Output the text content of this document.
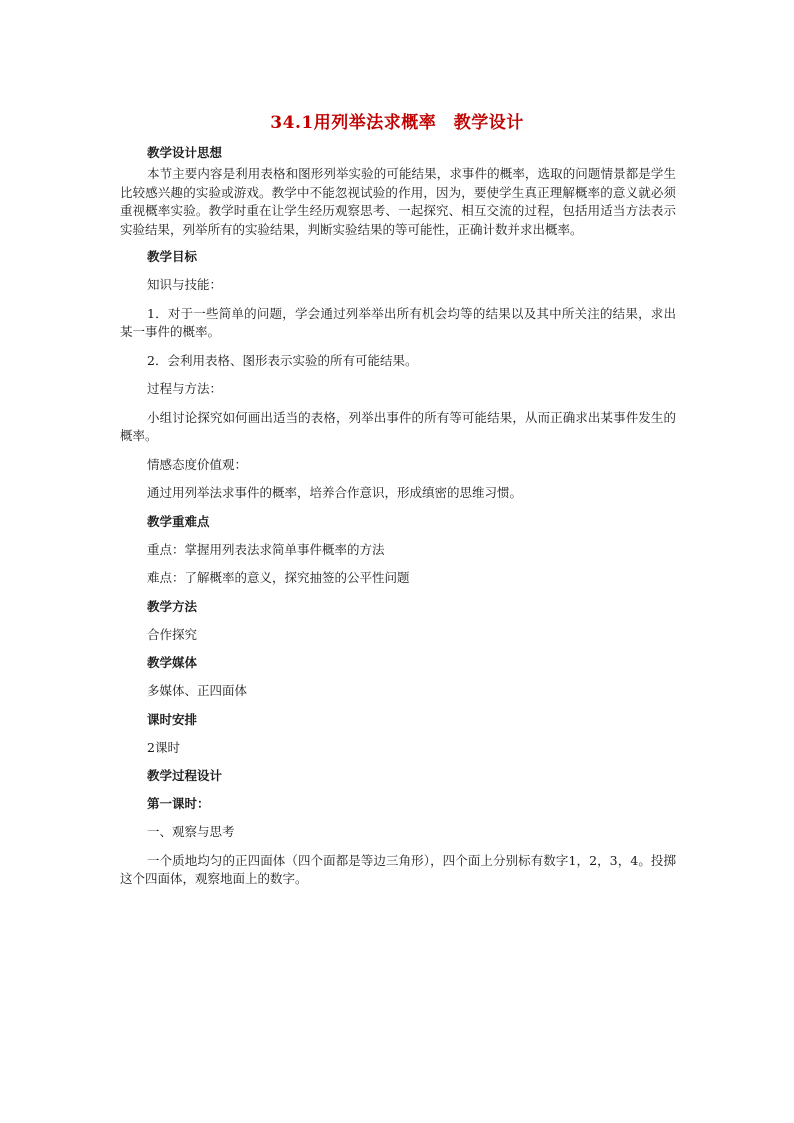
34.1用列举法求概率　教学设计
教学设计思想

本节主要内容是利用表格和图形列举实验的可能结果，求事件的概率，选取的问题情景都是学生比较感兴趣的实验或游戏。教学中不能忽视试验的作用，因为，要使学生真正理解概率的意义就必须重视概率实验。教学时重在让学生经历观察思考、一起探究、相互交流的过程，包括用适当方法表示实验结果，列举所有的实验结果，判断实验结果的等可能性，正确计数并求出概率。

教学目标

知识与技能：

1．对于一些简单的问题，学会通过列举举出所有机会均等的结果以及其中所关注的结果，求出某一事件的概率。

2．会利用表格、图形表示实验的所有可能结果。

过程与方法：

小组讨论探究如何画出适当的表格，列举出事件的所有等可能结果，从而正确求出某事件发生的概率。

情感态度价值观：

通过用列举法求事件的概率，培养合作意识，形成缜密的思维习惯。

教学重难点

重点：掌握用列表法求简单事件概率的方法

难点：了解概率的意义，探究抽签的公平性问题

教学方法

合作探究

教学媒体

多媒体、正四面体

课时安排

2课时

教学过程设计
第一课时：

一、观察与思考

一个质地均匀的正四面体（四个面都是等边三角形），四个面上分别标有数字1，2，3，4。投掷这个四面体，观察地面上的数字。
